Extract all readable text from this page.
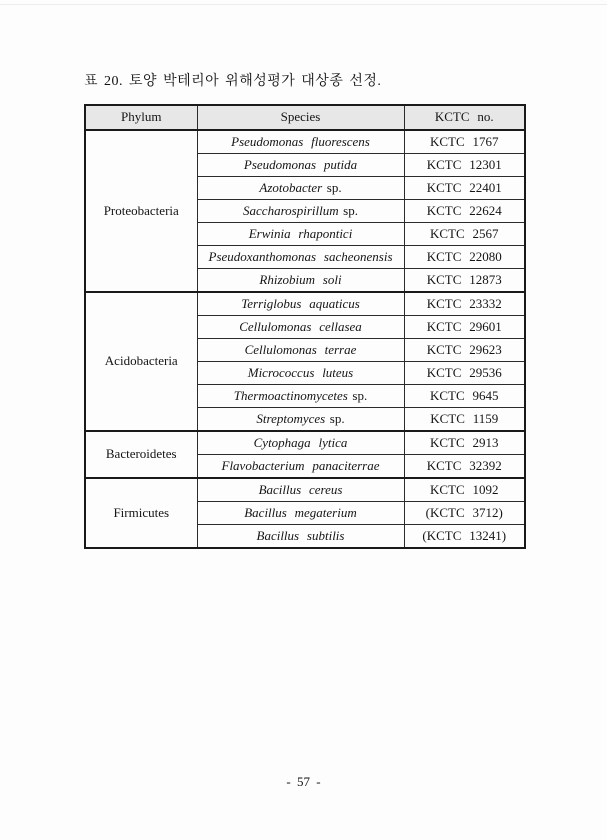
표 20. 토양 박테리아 위해성평가 대상종 선정.
Phylum	Species	KCTC no.
Proteobacteria	Pseudomonas fluorescens	KCTC 1767
	Pseudomonas putida	KCTC 12301
	Azotobacter sp.	KCTC 22401
	Saccharospirillum sp.	KCTC 22624
	Erwinia rhapontici	KCTC 2567
	Pseudoxanthomonas sacheonensis	KCTC 22080
	Rhizobium soli	KCTC 12873
Acidobacteria	Terriglobus aquaticus	KCTC 23332
	Cellulomonas cellasea	KCTC 29601
	Cellulomonas terrae	KCTC 29623
	Micrococcus luteus	KCTC 29536
	Thermoactinomycetes sp.	KCTC 9645
	Streptomyces sp.	KCTC 1159
Bacteroidetes	Cytophaga lytica	KCTC 2913
	Flavobacterium panaciterrae	KCTC 32392
Firmicutes	Bacillus cereus	KCTC 1092
	Bacillus megaterium	(KCTC 3712)
	Bacillus subtilis	(KCTC 13241)
- 57 -
